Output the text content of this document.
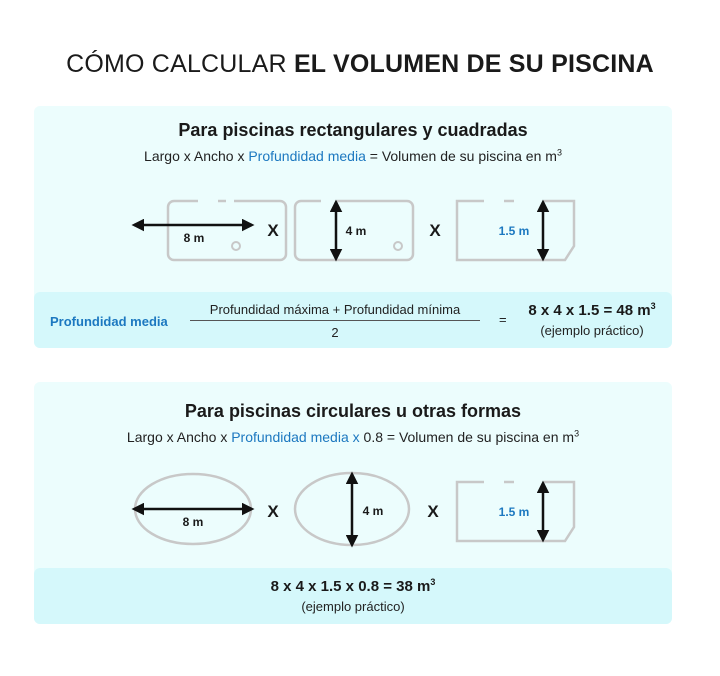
CÓMO CALCULAR EL VOLUMEN DE SU PISCINA
Para piscinas rectangulares y cuadradas
Largo x Ancho x Profundidad media = Volumen de su piscina en $m^3$
8 m	X	4 m	X	1.5 m
Profundidad media
Profundidad máxima + Profundidad mínima
2
=
8 x 4 x 1.5 = 48 $m^3$
(ejemplo práctico)
Para piscinas circulares u otras formas
Largo x Ancho x Profundidad media x 0.8 = Volumen de su piscina en $m^3$
8 m
X	4 m	X	1.5 m
8 x 4 x 1.5 x 0.8 = 38 $m^3$
(ejemplo práctico)
